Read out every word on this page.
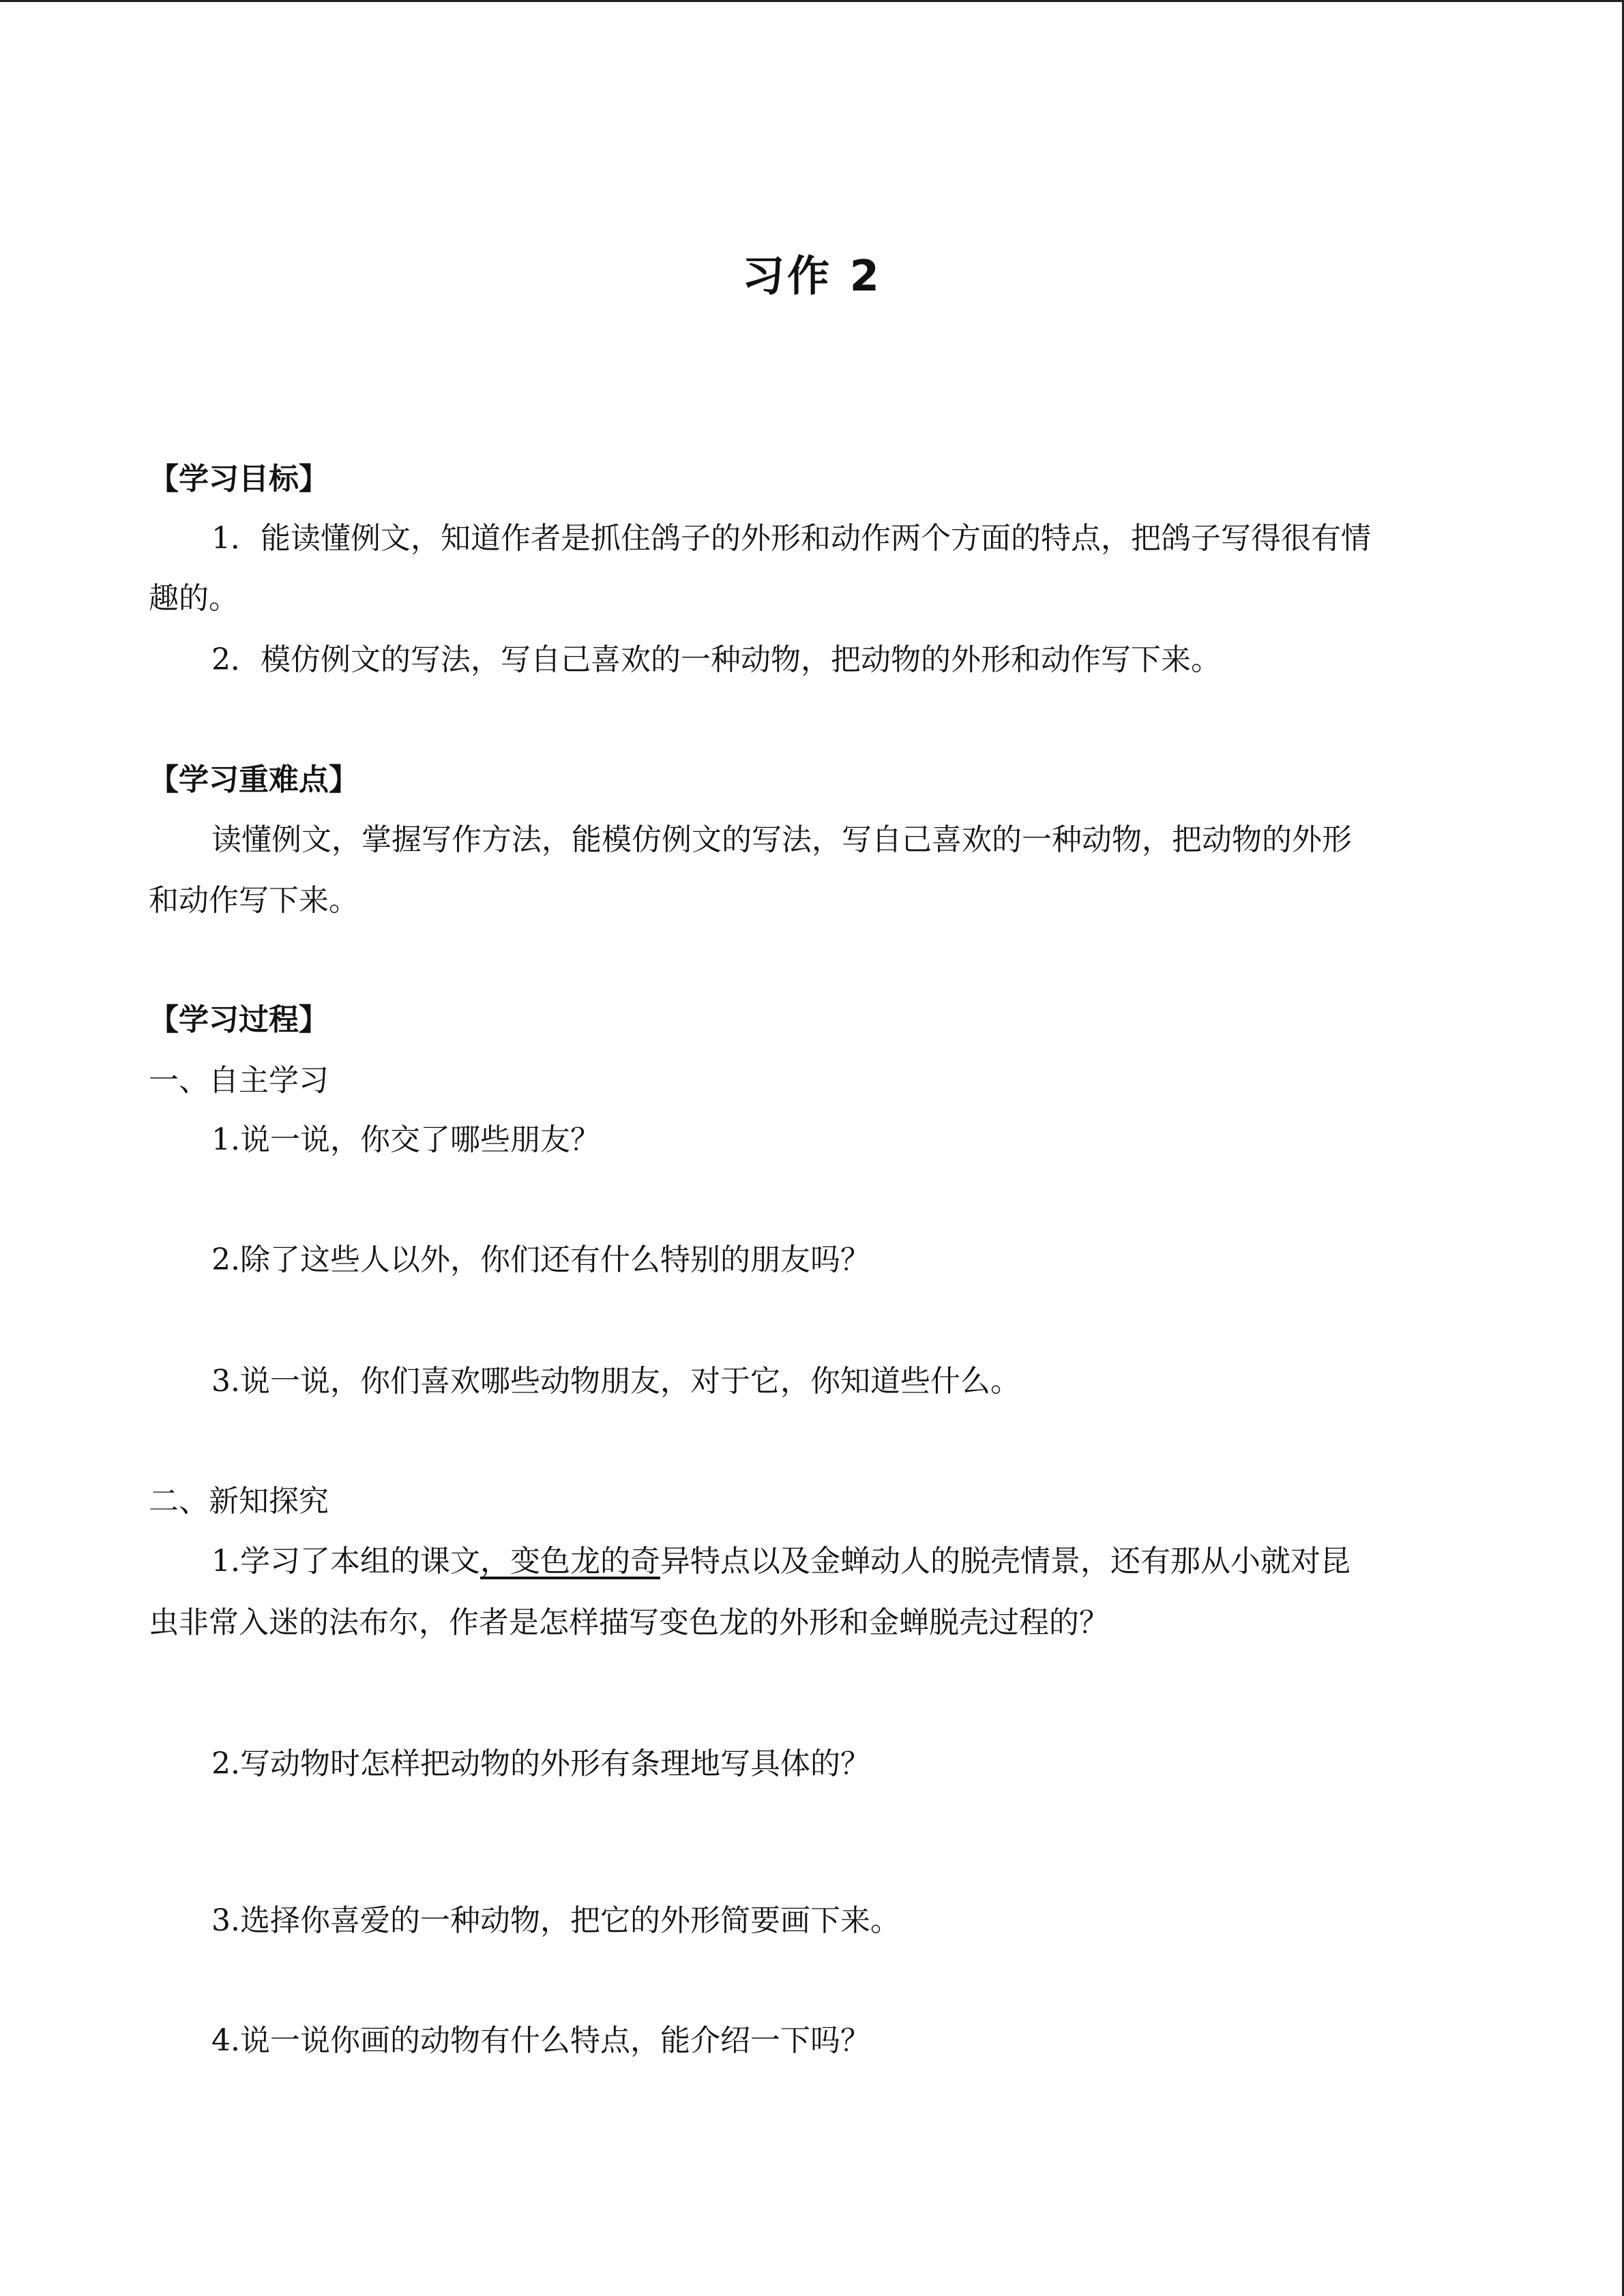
习作 2
【学习目标】
1．能读懂例文，知道作者是抓住鸽子的外形和动作两个方面的特点，把鸽子写得很有情
趣的。
2．模仿例文的写法，写自己喜欢的一种动物，把动物的外形和动作写下来。
【学习重难点】
读懂例文，掌握写作方法，能模仿例文的写法，写自己喜欢的一种动物，把动物的外形
和动作写下来。
【学习过程】
一、自主学习
1.说一说，你交了哪些朋友？
2.除了这些人以外，你们还有什么特别的朋友吗？
3.说一说，你们喜欢哪些动物朋友，对于它，你知道些什么。
二、新知探究
1.学习了本组的课文，变色龙的奇异特点以及金蝉动人的脱壳情景，还有那从小就对昆
虫非常入迷的法布尔，作者是怎样描写变色龙的外形和金蝉脱壳过程的？
2.写动物时怎样把动物的外形有条理地写具体的？
3.选择你喜爱的一种动物，把它的外形简要画下来。
4.说一说你画的动物有什么特点，能介绍一下吗？
